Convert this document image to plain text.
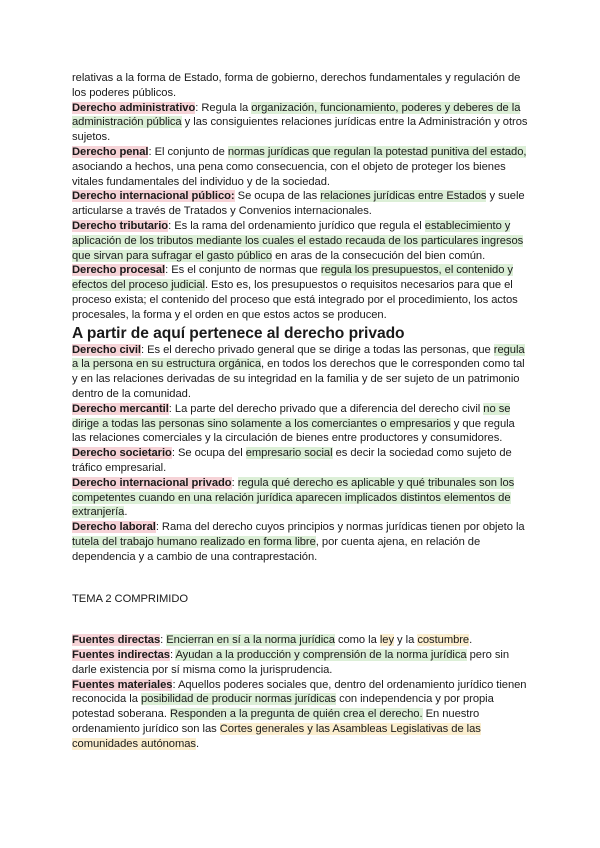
relativas a la forma de Estado, forma de gobierno, derechos fundamentales y regulación de los poderes públicos.

Derecho administrativo: Regula la organización, funcionamiento, poderes y deberes de la administración pública y las consiguientes relaciones jurídicas entre la Administración y otros sujetos.

Derecho penal: El conjunto de normas jurídicas que regulan la potestad punitiva del estado, asociando a hechos, una pena como consecuencia, con el objeto de proteger los bienes vitales fundamentales del individuo y de la sociedad.

Derecho internacional público: Se ocupa de las relaciones jurídicas entre Estados y suele articularse a través de Tratados y Convenios internacionales.

Derecho tributario: Es la rama del ordenamiento jurídico que regula el establecimiento y aplicación de los tributos mediante los cuales el estado recauda de los particulares ingresos que sirvan para sufragar el gasto público en aras de la consecución del bien común.

Derecho procesal: Es el conjunto de normas que regula los presupuestos, el contenido y efectos del proceso judicial. Esto es, los presupuestos o requisitos necesarios para que el proceso exista; el contenido del proceso que está integrado por el procedimiento, los actos procesales, la forma y el orden en que estos actos se producen.

A partir de aquí pertenece al derecho privado

Derecho civil: Es el derecho privado general que se dirige a todas las personas, que regula a la persona en su estructura orgánica, en todos los derechos que le corresponden como tal y en las relaciones derivadas de su integridad en la familia y de ser sujeto de un patrimonio dentro de la comunidad.

Derecho mercantil: La parte del derecho privado que a diferencia del derecho civil no se dirige a todas las personas sino solamente a los comerciantes o empresarios y que regula las relaciones comerciales y la circulación de bienes entre productores y consumidores.

Derecho societario: Se ocupa del empresario social es decir la sociedad como sujeto de tráfico empresarial.

Derecho internacional privado: regula qué derecho es aplicable y qué tribunales son los competentes cuando en una relación jurídica aparecen implicados distintos elementos de extranjería.

Derecho laboral: Rama del derecho cuyos principios y normas jurídicas tienen por objeto la tutela del trabajo humano realizado en forma libre, por cuenta ajena, en relación de dependencia y a cambio de una contraprestación.

TEMA 2 COMPRIMIDO

Fuentes directas: Encierran en sí a la norma jurídica como la ley y la costumbre.

Fuentes indirectas: Ayudan a la producción y comprensión de la norma jurídica pero sin darle existencia por sí misma como la jurisprudencia.

Fuentes materiales: Aquellos poderes sociales que, dentro del ordenamiento jurídico tienen reconocida la posibilidad de producir normas jurídicas con independencia y por propia potestad soberana. Responden a la pregunta de quién crea el derecho. En nuestro ordenamiento jurídico son las Cortes generales y las Asambleas Legislativas de las comunidades autónomas.
